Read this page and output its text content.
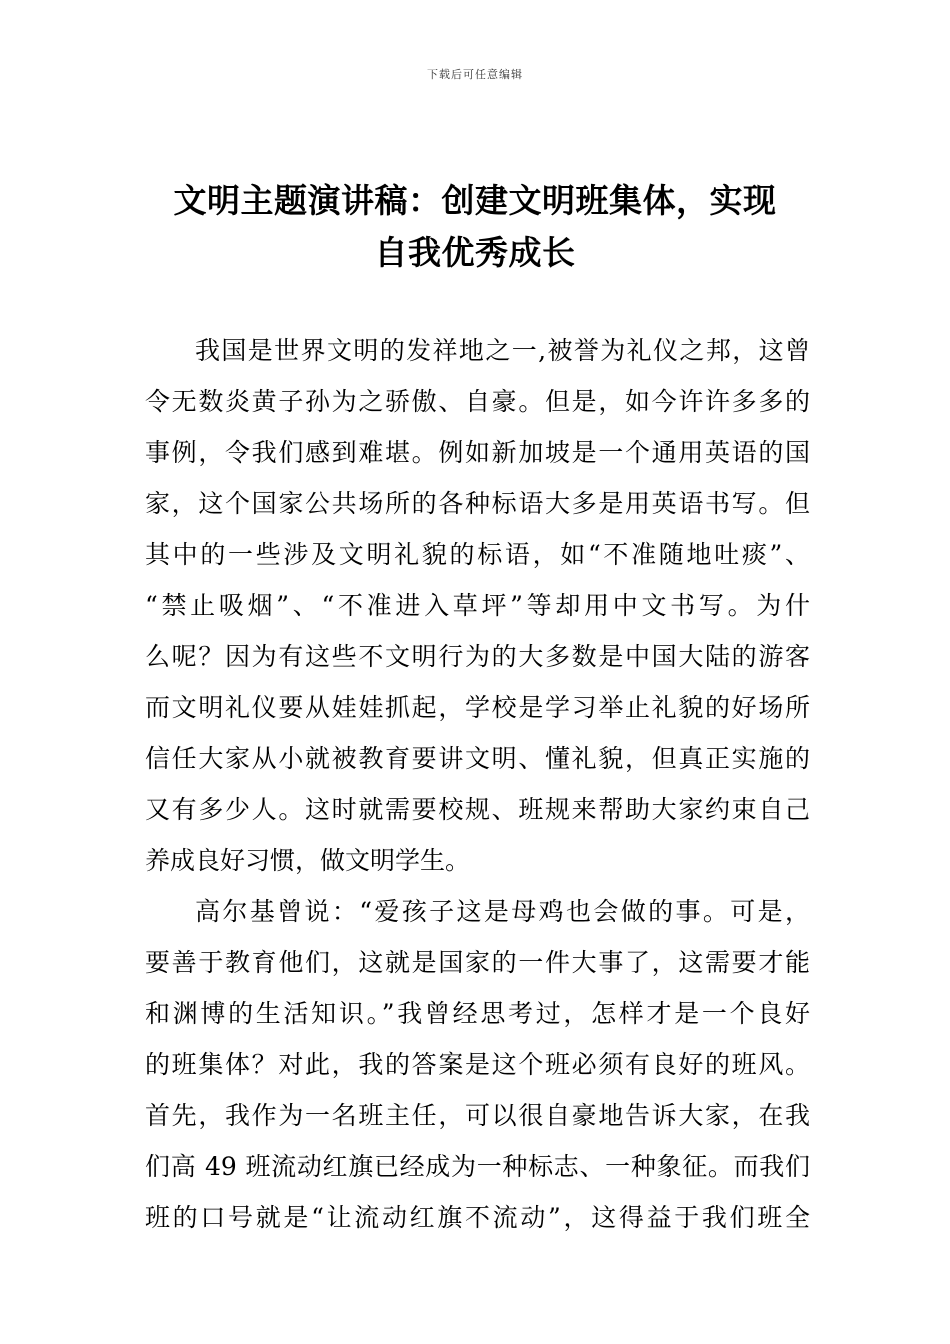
下载后可任意编辑
文明主题演讲稿：创建文明班集体，实现
自我优秀成长
我国是世界文明的发祥地之一,被誉为礼仪之邦，这曾
令无数炎黄子孙为之骄傲、自豪。但是，如今许许多多的
事例，令我们感到难堪。例如新加坡是一个通用英语的国
家，这个国家公共场所的各种标语大多是用英语书写。但
其中的一些涉及文明礼貌的标语，如“不准随地吐痰”、
“禁止吸烟”、“不准进入草坪”等却用中文书写。为什
么呢？因为有这些不文明行为的大多数是中国大陆的游客
而文明礼仪要从娃娃抓起，学校是学习举止礼貌的好场所
信任大家从小就被教育要讲文明、懂礼貌，但真正实施的
又有多少人。这时就需要校规、班规来帮助大家约束自己
养成良好习惯，做文明学生。
高尔基曾说：“爱孩子这是母鸡也会做的事。可是，
要善于教育他们，这就是国家的一件大事了，这需要才能
和渊博的生活知识。”我曾经思考过，怎样才是一个良好
的班集体？对此，我的答案是这个班必须有良好的班风。
首先，我作为一名班主任，可以很自豪地告诉大家，在我
们高 49 班流动红旗已经成为一种标志、一种象征。而我们
班的口号就是“让流动红旗不流动”，这得益于我们班全
